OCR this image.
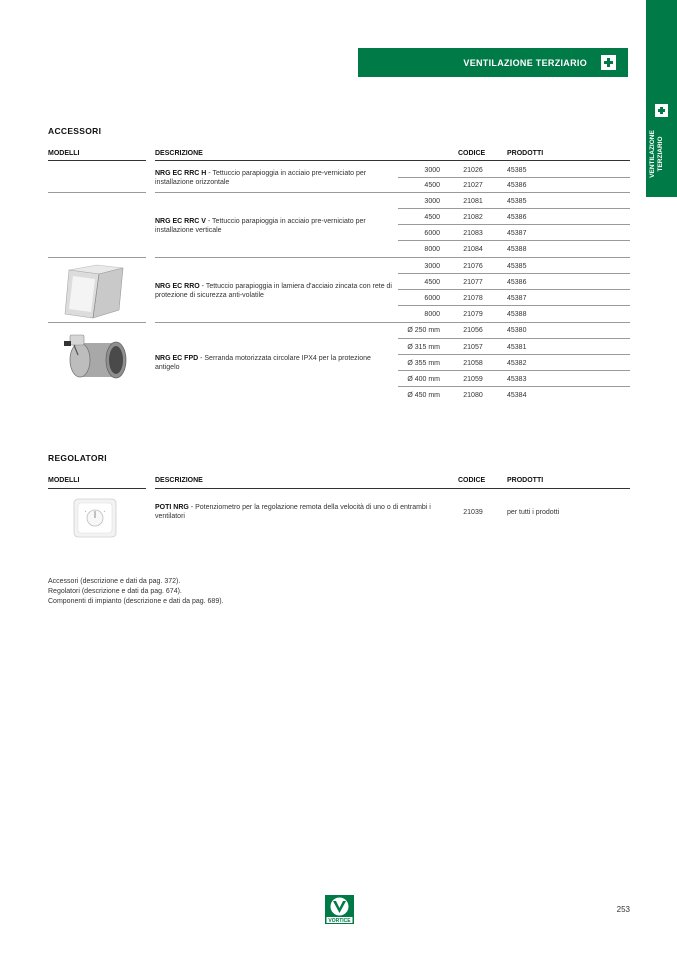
VENTILAZIONE TERZIARIO
VENTILAZIONE TERZIARIO
ACCESSORI
MODELLI	DESCRIZIONE	CODICE	PRODOTTI
NRG EC RRC H - Tettuccio parapioggia in acciaio pre-verniciato per installazione orizzontale
3000	21026	45385
4500	21027	45386
NRG EC RRC V - Tettuccio parapioggia in acciaio pre-verniciato per installazione verticale
3000	21081	45385
4500	21082	45386
6000	21083	45387
8000	21084	45388
NRG EC RRO - Tettuccio parapioggia in lamiera d'acciaio zincata con rete di protezione di sicurezza anti-volatile
3000	21076	45385
4500	21077	45386
6000	21078	45387
8000	21079	45388
NRG EC FPD - Serranda motorizzata circolare IPX4 per la protezione antigelo
Ø 250 mm	21056	45380
Ø 315 mm	21057	45381
Ø 355 mm	21058	45382
Ø 400 mm	21059	45383
Ø 450 mm	21080	45384
REGOLATORI
MODELLI	DESCRIZIONE	CODICE	PRODOTTI
POTI NRG - Potenziometro per la regolazione remota della velocità di uno o di entrambi i ventilatori
21039	per tutti i prodotti
Accessori (descrizione e dati da pag. 372).
Regolatori (descrizione e dati da pag. 674).
Componenti di impianto (descrizione e dati da pag. 689).
VORTICE
253
